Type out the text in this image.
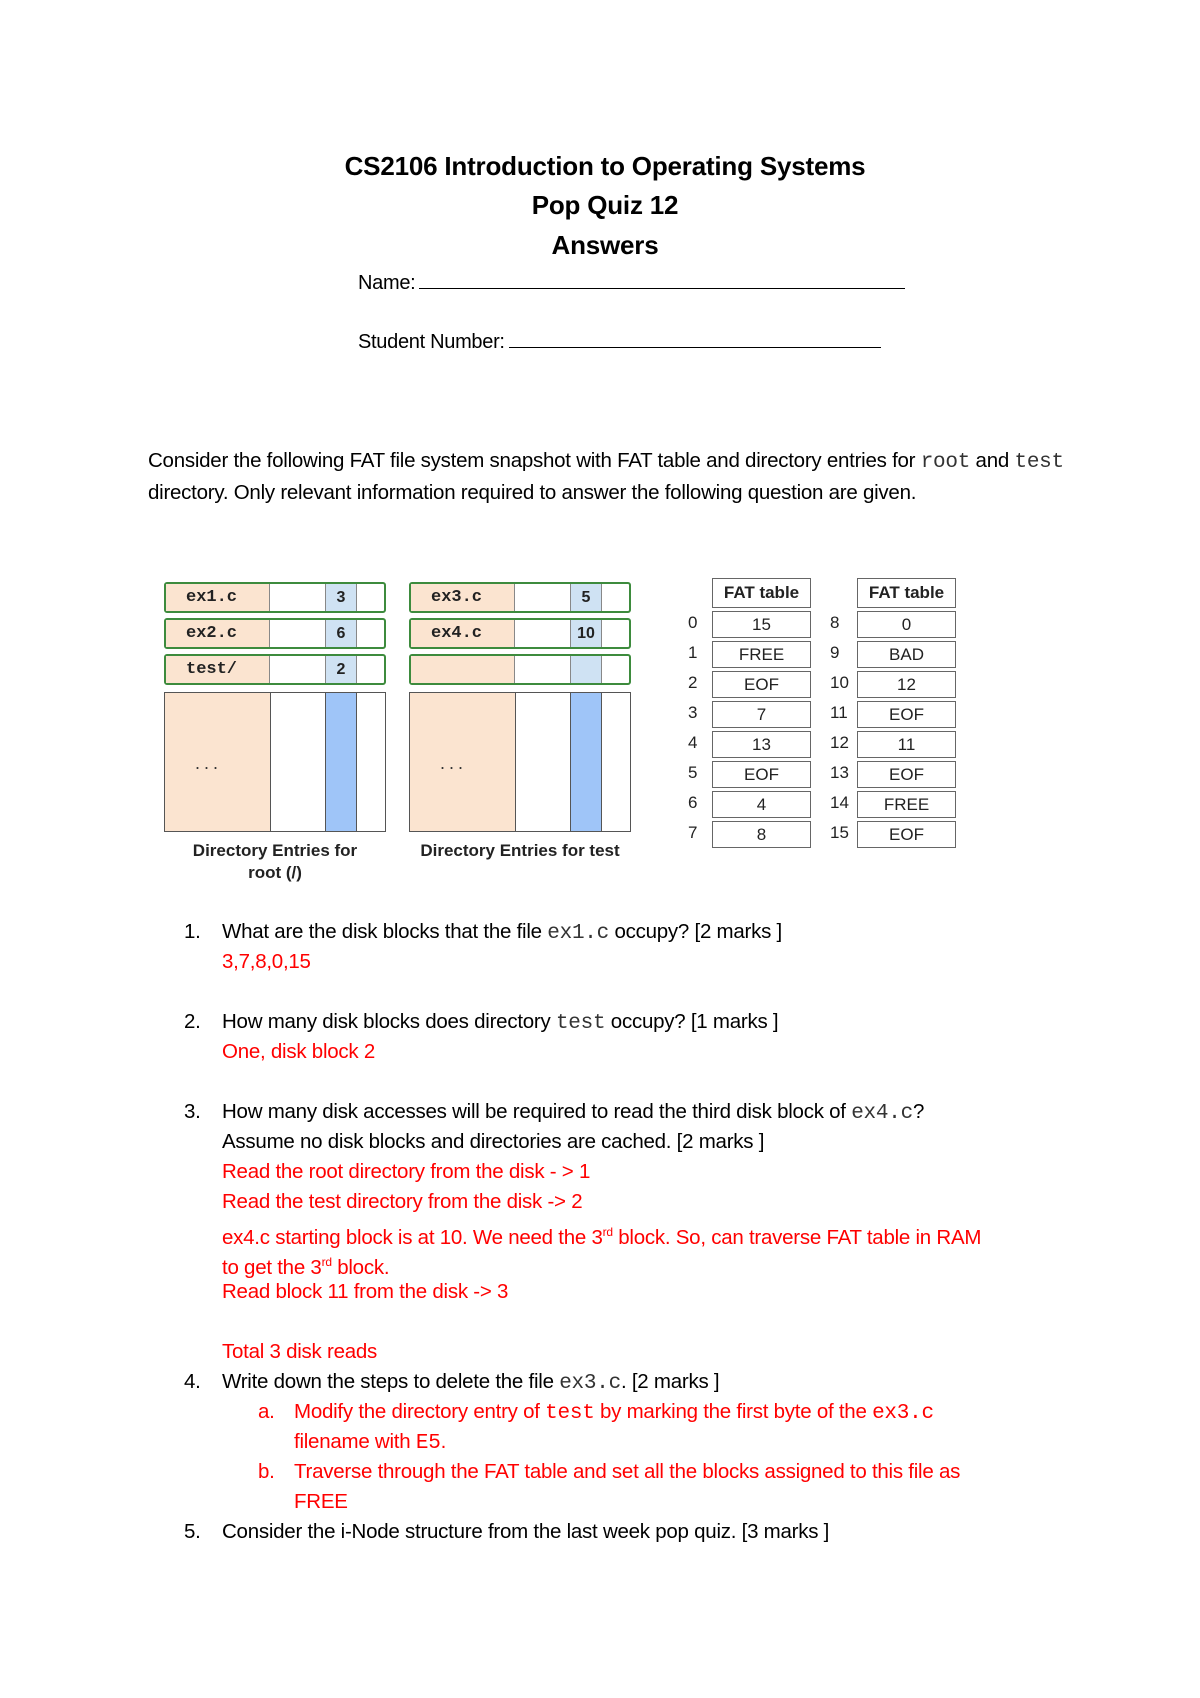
CS2106 Introduction to Operating Systems
Pop Quiz 12
Answers
Name:
Student Number:
Consider the following FAT file system snapshot with FAT table and directory entries for root and test directory. Only relevant information required to answer the following question are given.
ex1.c	3
ex2.c	6
test/	2
...
Directory Entries for
root (/)
ex3.c	5
ex4.c	10
...
Directory Entries for test
FAT table
0	15
1	FREE
2	EOF
3	7
4	13
5	EOF
6	4
7	8
FAT table
8	0
9	BAD
10	12
11	EOF
12	11
13	EOF
14	FREE
15	EOF
1. What are the disk blocks that the file ex1.c occupy? [2 marks ]
3,7,8,0,15
2. How many disk blocks does directory test occupy? [1 marks ]
One, disk block 2
3. How many disk accesses will be required to read the third disk block of ex4.c?
Assume no disk blocks and directories are cached. [2 marks ]
Read the root directory from the disk - > 1
Read the test directory from the disk -> 2
ex4.c starting block is at 10. We need the 3rd block. So, can traverse FAT table in RAM
to get the 3rd block.
Read block 11 from the disk -> 3
Total 3 disk reads
4. Write down the steps to delete the file ex3.c. [2 marks ]
a. Modify the directory entry of test by marking the first byte of the ex3.c
filename with E5.
b. Traverse through the FAT table and set all the blocks assigned to this file as
FREE
5. Consider the i-Node structure from the last week pop quiz. [3 marks ]
